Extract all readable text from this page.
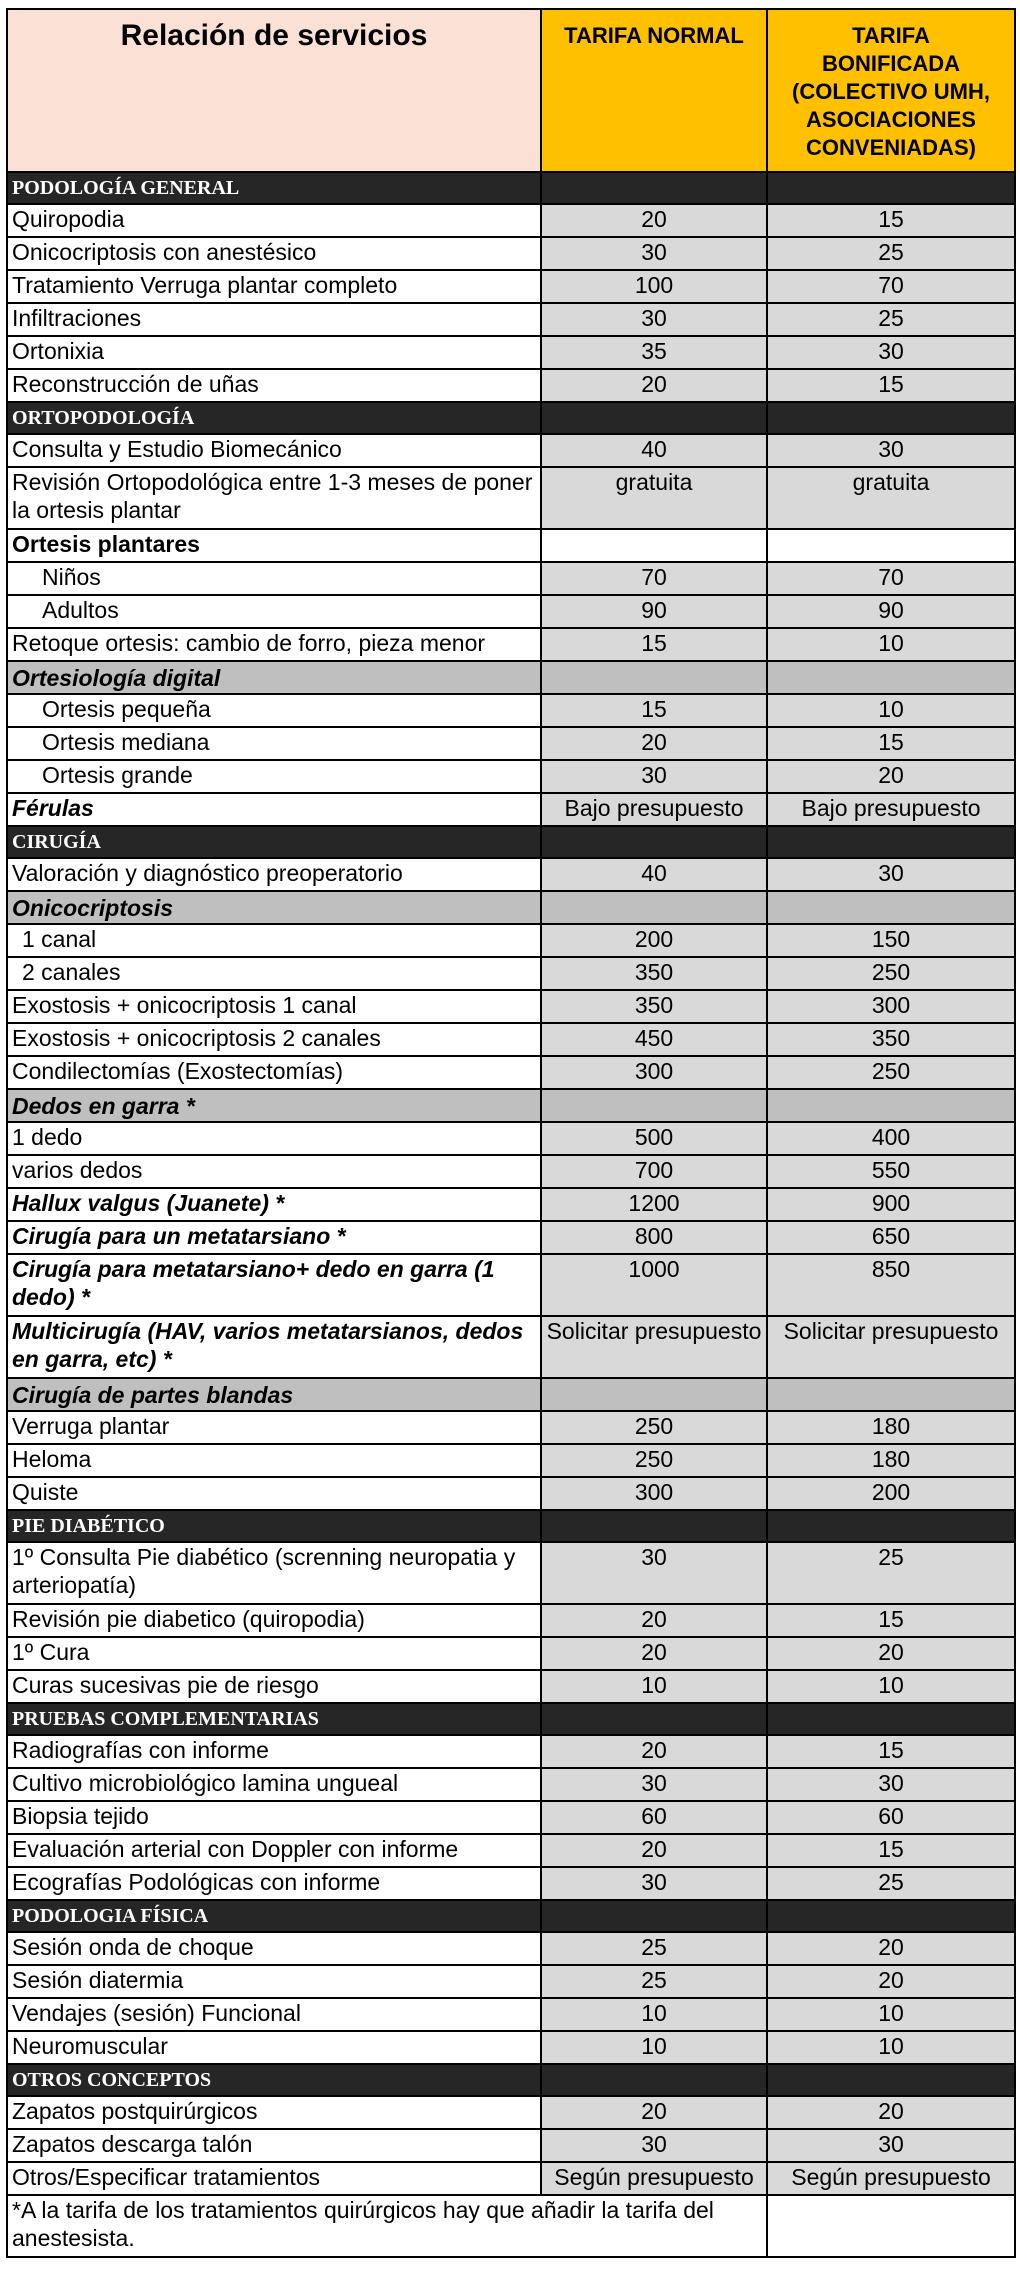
Relación de servicios	TARIFA NORMAL	TARIFA
BONIFICADA
(COLECTIVO UMH,
ASOCIACIONES
CONVENIADAS)
PODOLOGÍA GENERAL		
Quiropodia	20	15
Onicocriptosis con anestésico	30	25
Tratamiento Verruga plantar completo	100	70
Infiltraciones	30	25
Ortonixia	35	30
Reconstrucción de uñas	20	15
ORTOPODOLOGÍA		
Consulta y Estudio Biomecánico	40	30
Revisión Ortopodológica entre 1-3 meses de poner la ortesis plantar	gratuita	gratuita
Ortesis plantares		
Niños	70	70
Adultos	90	90
Retoque ortesis: cambio de forro, pieza menor	15	10
Ortesiología digital		
Ortesis pequeña	15	10
Ortesis mediana	20	15
Ortesis grande	30	20
Férulas	Bajo presupuesto	Bajo presupuesto
CIRUGÍA		
Valoración y diagnóstico preoperatorio	40	30
Onicocriptosis		
1 canal	200	150
2 canales	350	250
Exostosis + onicocriptosis 1 canal	350	300
Exostosis + onicocriptosis 2 canales	450	350
Condilectomías (Exostectomías)	300	250
Dedos en garra *		
1 dedo	500	400
varios dedos	700	550
Hallux valgus (Juanete) *	1200	900
Cirugía para un metatarsiano *	800	650
Cirugía para metatarsiano+ dedo en garra (1 dedo) *	1000	850
Multicirugía (HAV, varios metatarsianos, dedos en garra, etc) *	Solicitar presupuesto	Solicitar presupuesto
Cirugía de partes blandas		
Verruga plantar	250	180
Heloma	250	180
Quiste	300	200
PIE DIABÉTICO		
1º Consulta Pie diabético (screnning neuropatia y arteriopatía)	30	25
Revisión pie diabetico (quiropodia)	20	15
1º Cura	20	20
Curas sucesivas pie de riesgo	10	10
PRUEBAS COMPLEMENTARIAS		
Radiografías con informe	20	15
Cultivo microbiológico lamina ungueal	30	30
Biopsia tejido	60	60
Evaluación arterial con Doppler con informe	20	15
Ecografías Podológicas con informe	30	25
PODOLOGIA FÍSICA		
Sesión onda de choque	25	20
Sesión diatermia	25	20
Vendajes (sesión) Funcional	10	10
Neuromuscular	10	10
OTROS CONCEPTOS		
Zapatos postquirúrgicos	20	20
Zapatos descarga talón	30	30
Otros/Especificar tratamientos	Según presupuesto	Según presupuesto
*A la tarifa de los tratamientos quirúrgicos hay que añadir la tarifa del anestesista.		
